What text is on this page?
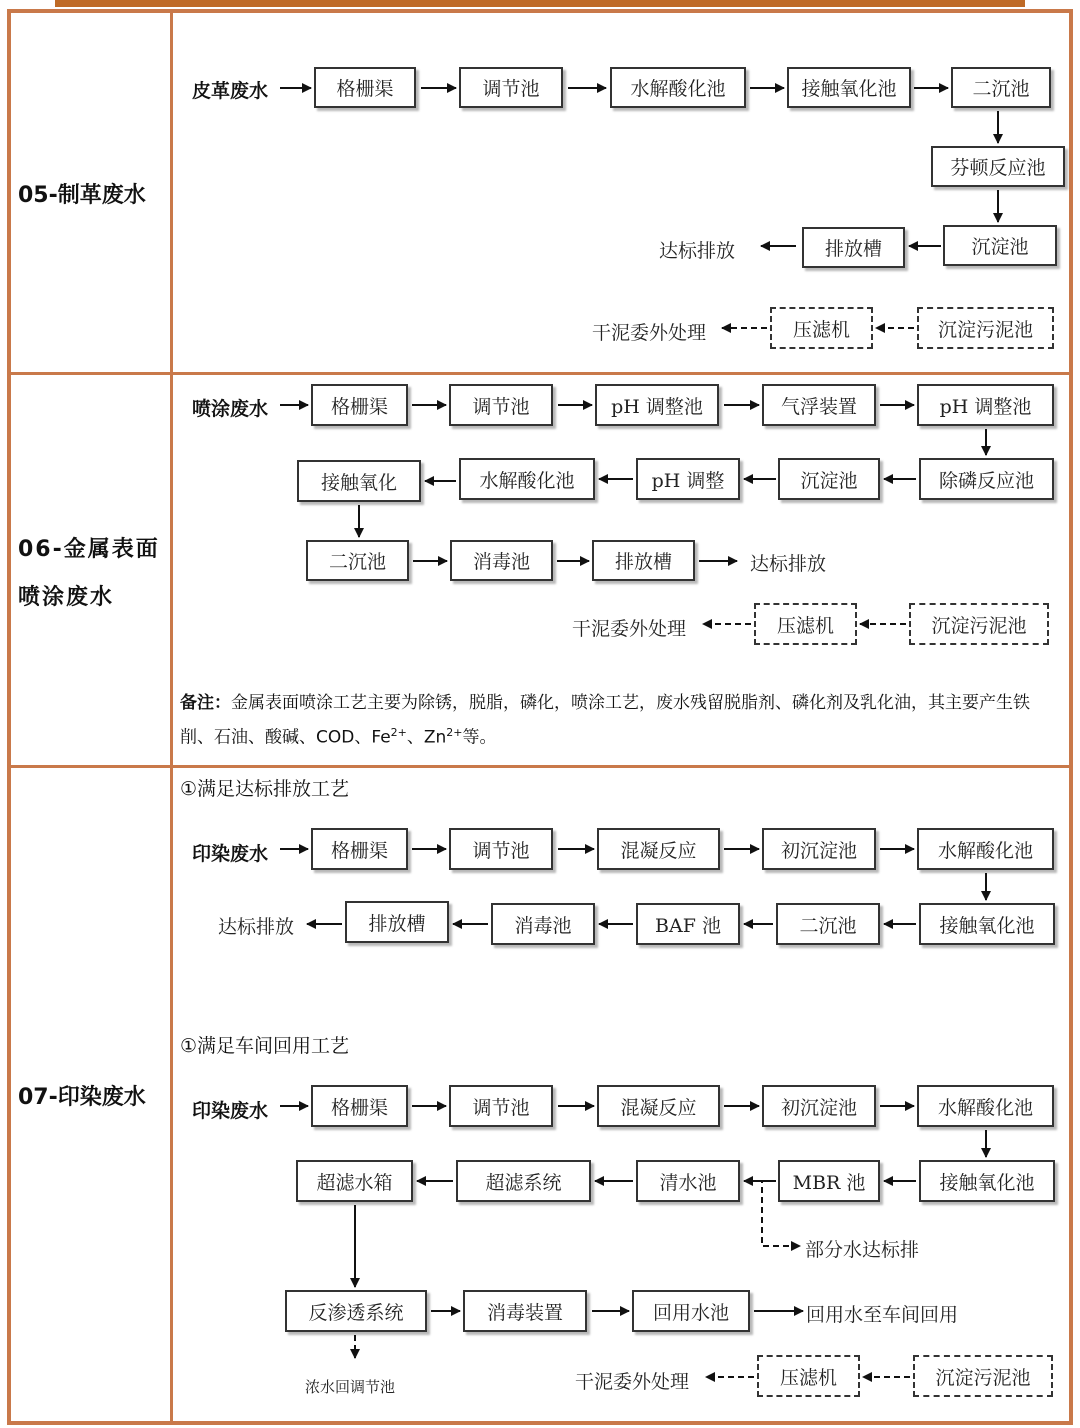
05-制革废水
06-金属表面
喷涂废水
07-印染废水
皮革废水	格栅渠	调节池	水解酸化池	接触氧化池	二沉池
芬顿反应池
沉淀池
排放槽
达标排放
干泥委外处理	压滤机	沉淀污泥池
喷涂废水	格栅渠	调节池	pH 调整池	气浮装置	pH 调整池
除磷反应池
沉淀池
pH 调整
水解酸化池
接触氧化
二沉池	消毒池	排放槽	达标排放
干泥委外处理	压滤机	沉淀污泥池
备注：金属表面喷涂工艺主要为除锈，脱脂，磷化，喷涂工艺，废水残留脱脂剂、磷化剂及乳化油，其主要产生铁削、石油、酸碱、COD、$Fe^{2+}$、$Zn^{2+}$等。
①满足达标排放工艺
印染废水	格栅渠	调节池	混凝反应	初沉淀池	水解酸化池
接触氧化池
二沉池
BAF 池
消毒池
排放槽
达标排放
①满足车间回用工艺
印染废水	格栅渠	调节池	混凝反应	初沉淀池	水解酸化池
接触氧化池
MBR 池
清水池
超滤系统
超滤水箱
反渗透系统	消毒装置	回用水池
部分水达标排
回用水至车间回用
浓水回调节池	干泥委外处理	压滤机	沉淀污泥池
